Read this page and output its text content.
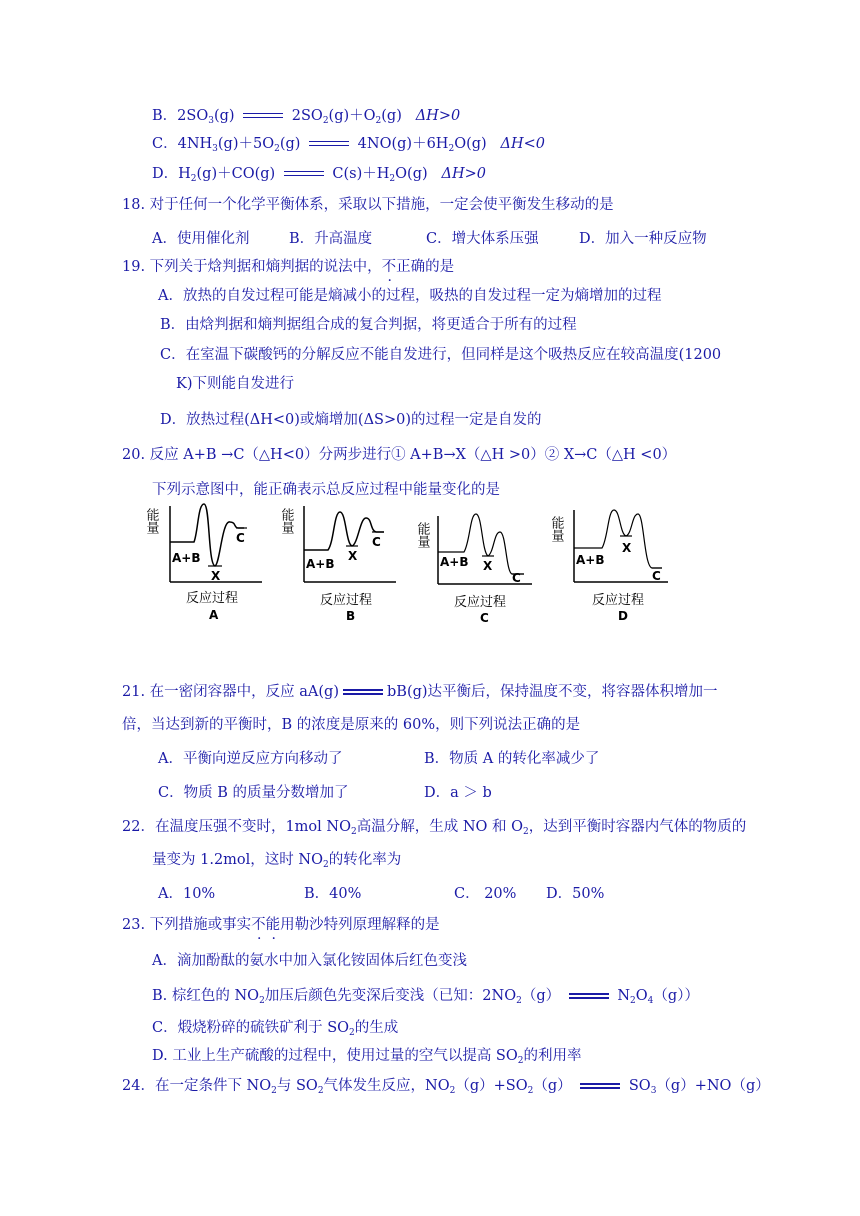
B．$2SO_3(g)$	$2SO_2(g)+O_2(g)$ ΔH>0
C．$4NH_3(g)+5O_2(g)$	$4NO(g)+6H_2O(g)$ ΔH<0
D．$H_2(g)+CO(g)$	$C(s)+H_2O(g)$ ΔH>0
18. 对于任何一个化学平衡体系，采取以下措施，一定会使平衡发生移动的是
A．使用催化剂	B．升高温度	C．增大体系压强	D．加入一种反应物
19. 下列关于焓判据和熵判据的说法中，不正确的是
A．放热的自发过程可能是熵减小的过程，吸热的自发过程一定为熵增加的过程
B．由焓判据和熵判据组合成的复合判据，将更适合于所有的过程
C．在室温下碳酸钙的分解反应不能自发进行，但同样是这个吸热反应在较高温度(1200
K)下则能自发进行
D．放热过程(ΔH<0)或熵增加(ΔS>0)的过程一定是自发的
20. 反应 A+B →C（△H<0）分两步进行① A+B→X（△H >0）② X→C（△H <0）
下列示意图中，能正确表示总反应过程中能量变化的是
能量
A+B
X
C
反应过程
A
能量
A+B
X
C
反应过程
B
能量
A+B X
C
反应过程
C
能量
A+B
X
C
反应过程
D
21. 在一密闭容器中，反应 aA(g)	bB(g)达平衡后，保持温度不变，将容器体积增加一
倍，当达到新的平衡时，B 的浓度是原来的 60%，则下列说法正确的是
A．平衡向逆反应方向移动了	B．物质 A 的转化率减少了
C．物质 B 的质量分数增加了	D．a ＞ b
22．在温度压强不变时，1mol $NO_2$高温分解，生成 NO 和 $O_2$，达到平衡时容器内气体的物质的
量变为 1.2mol，这时 $NO_2$的转化率为
A．10%	B．40%	C． 20% D．50%
23. 下列措施或事实不能用勒沙特列原理解释的是
A．滴加酚酞的氨水中加入氯化铵固体后红色变浅
B. 棕红色的 $NO_2$加压后颜色先变深后变浅（已知：$2NO_2(g)$	$N_2O_4(g)$）
C．煅烧粉碎的硫铁矿利于 $SO_2$的生成
D. 工业上生产硫酸的过程中，使用过量的空气以提高 $SO_2$的利用率
24．在一定条件下 $NO_2$与 $SO_2$气体发生反应，$NO_2(g)+SO_2(g)$	$SO_3(g)+NO(g)$
